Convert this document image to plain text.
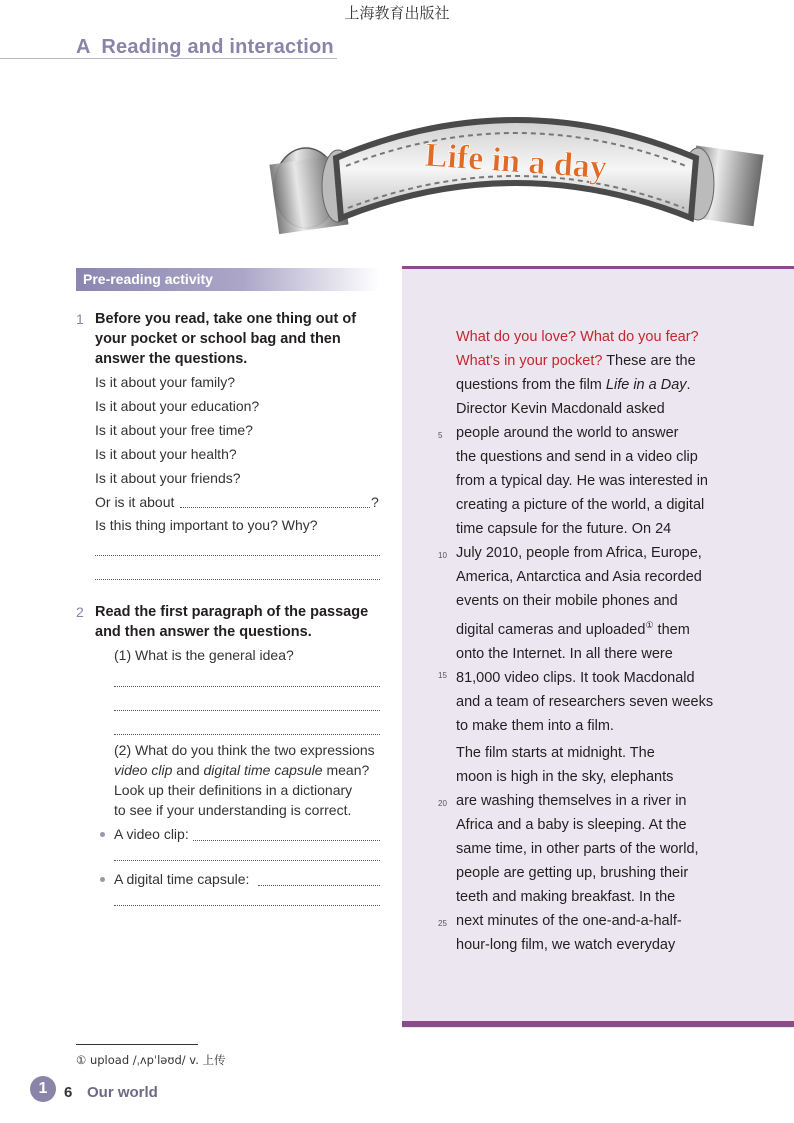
上海教育出版社
A  Reading and interaction
Life in a day
Pre-reading activity
1 Before you read, take one thing out of your pocket or school bag and then answer the questions.
Is it about your family?
Is it about your education?
Is it about your free time?
Is it about your health?
Is it about your friends?
Or is it about	?
Is this thing important to you? Why?
2 Read the first paragraph of the passage and then answer the questions.
(1) What is the general idea?
(2) What do you think the two expressions
video clip and digital time capsule mean?
Look up their definitions in a dictionary
to see if your understanding is correct.
A video clip:
A digital time capsule:

What do you love? What do you fear?

What’s in your pocket? These are the

questions from the film Life in a Day.

Director Kevin Macdonald asked

people around the world to answer

the questions and send in a video clip

from a typical day. He was interested in

creating a picture of the world, a digital

time capsule for the future. On 24

July 2010, people from Africa, Europe,

America, Antarctica and Asia recorded

events on their mobile phones and

digital cameras and uploaded① them

onto the Internet. In all there were

81,000 video clips. It took Macdonald

and a team of researchers seven weeks

to make them into a film.

The film starts at midnight. The

moon is high in the sky, elephants

are washing themselves in a river in

Africa and a baby is sleeping. At the

same time, in other parts of the world,

people are getting up, brushing their

teeth and making breakfast. In the

next minutes of the one-and-a-half-

hour-long film, we watch everyday

5
10
15
20
25
① upload /ˌʌpˈləʊd/ v. 上传
1	6 Our world
